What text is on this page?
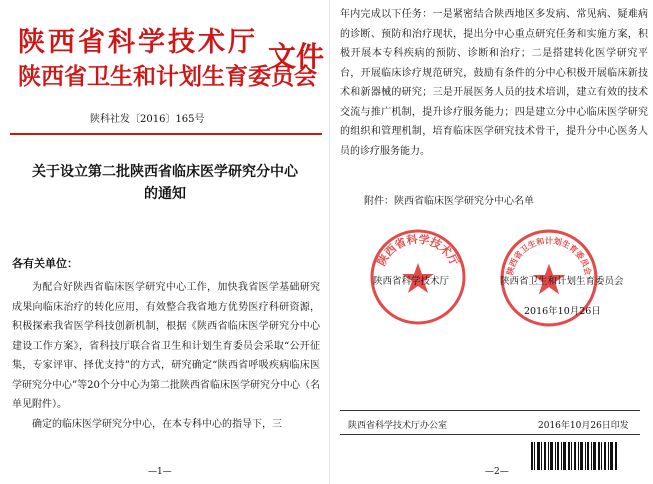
陕西省科学技术厅
陕西省卫生和计划生育委员会
文件
陕科社发〔2016〕165号
关于设立第二批陕西省临床医学研究分中心
的通知
各有关单位：

为配合好陕西省临床医学研究中心工作，加快我省医学基础研究成果向临床治疗的转化应用，有效整合我省地方优势医疗科研资源，积极探索我省医学科技创新机制，根据《陕西省临床医学研究分中心建设工作方案》，省科技厅联合省卫生和计划生育委员会采取“公开征集，专家评审、择优支持”的方式，研究确定“陕西省呼吸疾病临床医学研究分中心”等20个分中心为第二批陕西省临床医学研究分中心（名单见附件）。

确定的临床医学研究分中心，在本专科中心的指导下，三

—1—

年内完成以下任务：一是紧密结合陕西地区多发病、常见病、疑难病的诊断、预防和治疗现状，提出分中心重点研究任务和实施方案，积极开展本专科疾病的预防、诊断和治疗；二是搭建转化医学研究平台，开展临床诊疗规范研究，鼓励有条件的分中心积极开展临床新技术和新器械的研究；三是开展医务人员的技术培训，建立有效的技术交流与推广机制，提升诊疗服务能力；四是建立分中心临床医学研究的组织和管理机制，培育临床医学研究技术骨干，提升分中心医务人员的诊疗服务能力。

附件：陕西省临床医学研究分中心名单
陕西省科学技术厅
陕西省卫生和计划生育委员会
陕西省科学技术厅	陕西省卫生和计划生育委员会
2016年10月26日
陕西省科学技术厅办公室	2016年10月26日印发
—2—
